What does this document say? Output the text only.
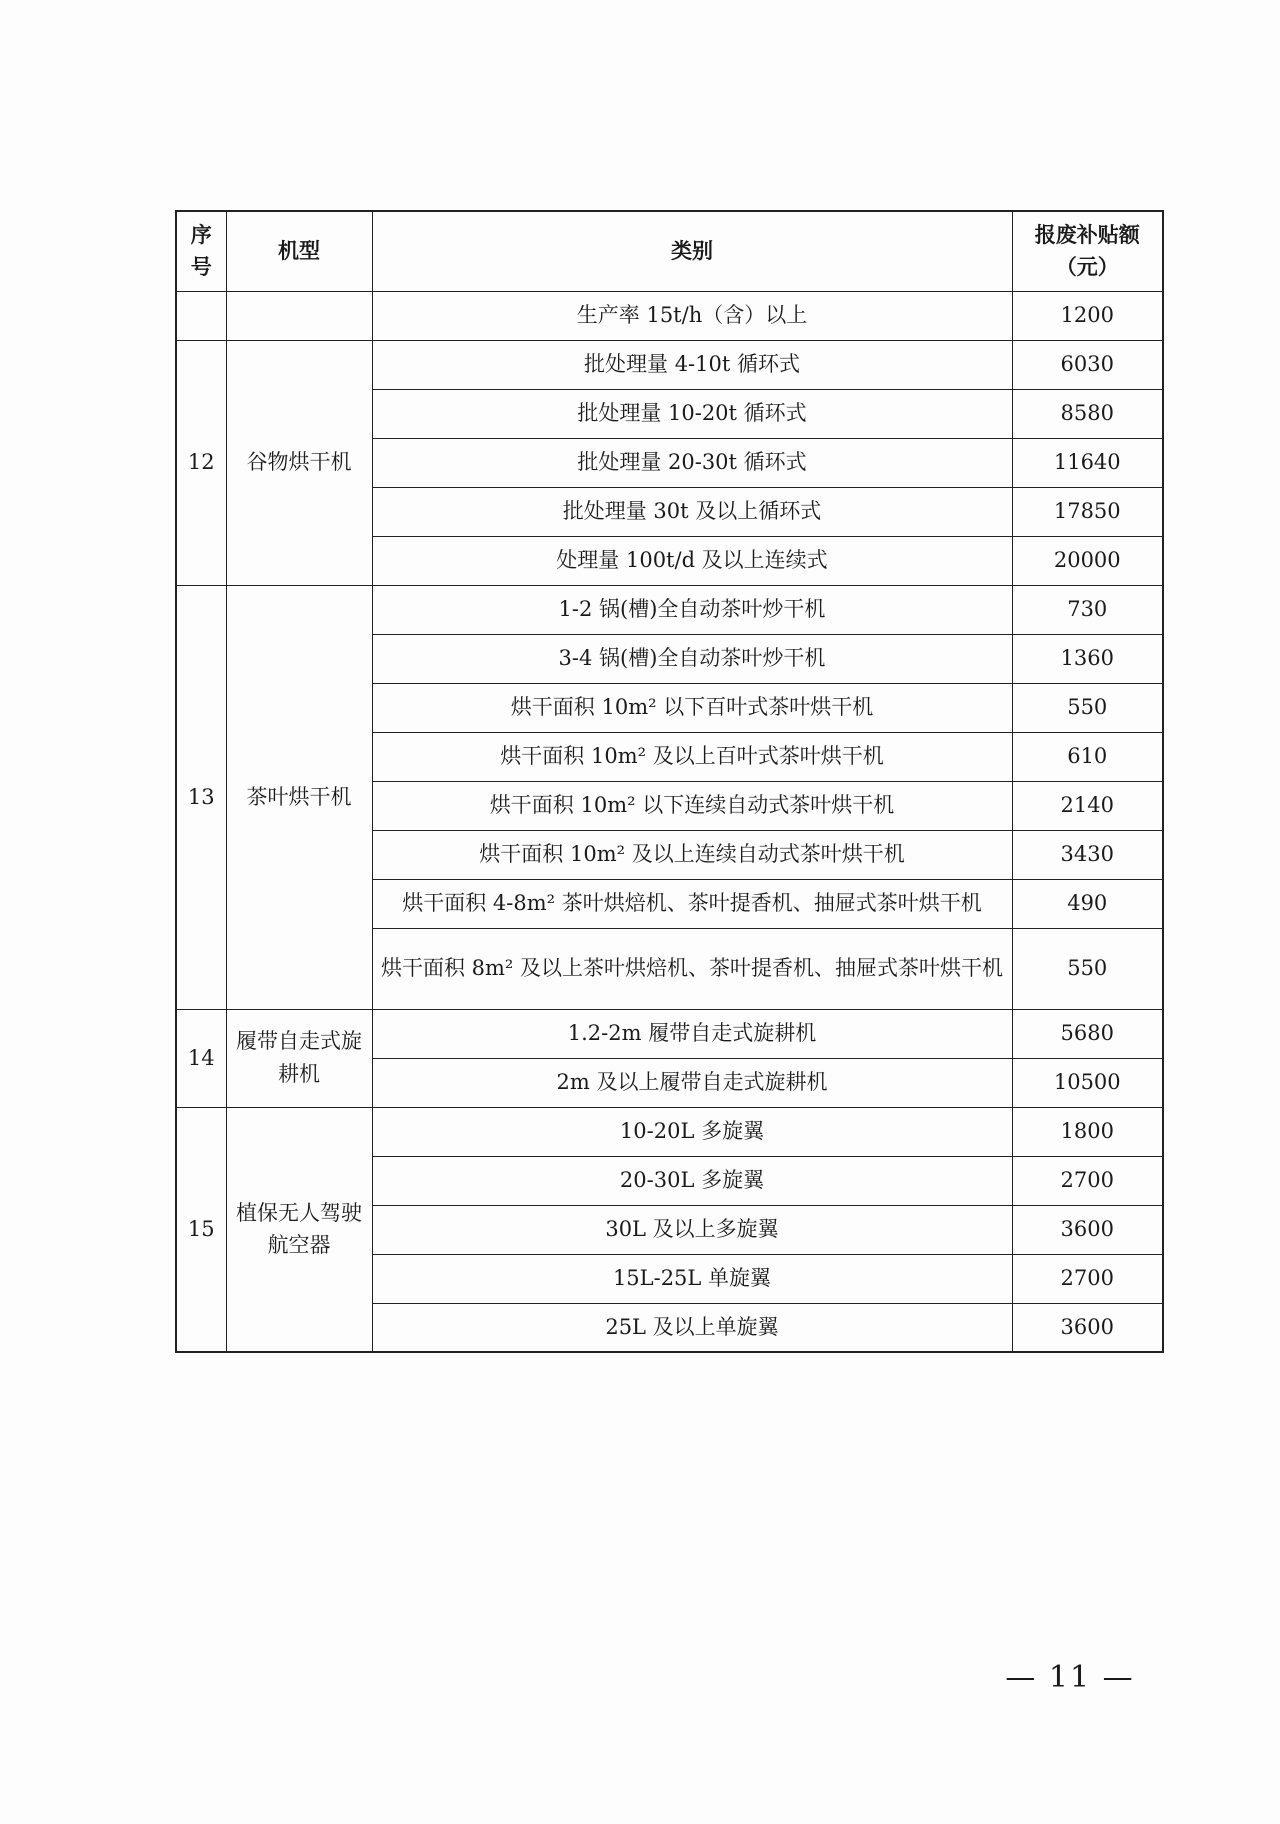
序号	机型	类别	报废补贴额
（元）

		生产率 15t/h（含）以上	1200
12	谷物烘干机	批处理量 4-10t 循环式	6030
		批处理量 10-20t 循环式	8580
		批处理量 20-30t 循环式	11640
		批处理量 30t 及以上循环式	17850
		处理量 100t/d 及以上连续式	20000
13	茶叶烘干机	1-2 锅(槽)全自动茶叶炒干机	730
		3-4 锅(槽)全自动茶叶炒干机	1360
		烘干面积 10m² 以下百叶式茶叶烘干机	550
		烘干面积 10m² 及以上百叶式茶叶烘干机	610
		烘干面积 10m² 以下连续自动式茶叶烘干机	2140
		烘干面积 10m² 及以上连续自动式茶叶烘干机	3430
		烘干面积 4-8m² 茶叶烘焙机、茶叶提香机、抽屉式茶叶烘干机	490
		烘干面积 8m² 及以上茶叶烘焙机、茶叶提香机、抽屉式茶叶烘干机	550
14	履带自走式旋耕机	1.2-2m 履带自走式旋耕机	5680
		2m 及以上履带自走式旋耕机	10500
15	植保无人驾驶航空器	10-20L 多旋翼	1800
		20-30L 多旋翼	2700
		30L 及以上多旋翼	3600
		15L-25L 单旋翼	2700
		25L 及以上单旋翼	3600
— 11 —
